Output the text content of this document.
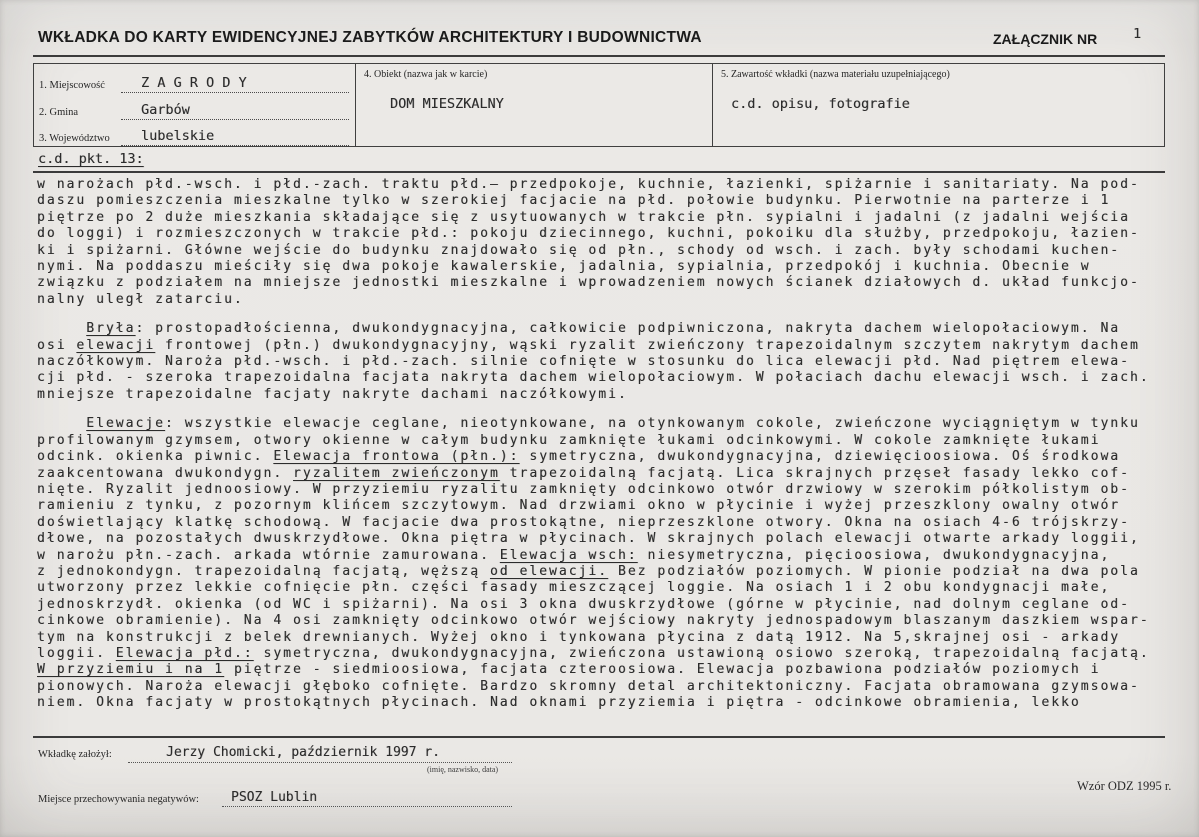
WKŁADKA DO KARTY EWIDENCYJNEJ ZABYTKÓW ARCHITEKTURY I BUDOWNICTWA	ZAŁĄCZNIK NR	1
1. Miejscowość	Z A G R O D Y
2. Gmina	Garbów
3. Województwo	lubelskie
4. Obiekt (nazwa jak w karcie)
DOM MIESZKALNY
5. Zawartość wkładki (nazwa materiału uzupełniającego)
c.d. opisu, fotografie
c.d. pkt. 13:
w narożach płd.-wsch. i płd.-zach. traktu płd.— przedpokoje, kuchnie, łazienki, spiżarnie i sanitariaty. Na pod-
daszu pomieszczenia mieszkalne tylko w szerokiej facjacie na płd. połowie budynku. Pierwotnie na parterze i 1
piętrze po 2 duże mieszkania składające się z usytuowanych w trakcie płn. sypialni i jadalni (z jadalni wejścia
do loggi) i rozmieszczonych w trakcie płd.: pokoju dziecinnego, kuchni, pokoiku dla służby, przedpokoju, łazien-
ki i spiżarni. Główne wejście do budynku znajdowało się od płn., schody od wsch. i zach. były schodami kuchen-
nymi. Na poddaszu mieściły się dwa pokoje kawalerskie, jadalnia, sypialnia, przedpokój i kuchnia. Obecnie w
związku z podziałem na mniejsze jednostki mieszkalne i wprowadzeniem nowych ścianek działowych d. układ funkcjo-
nalny uległ zatarciu.
Bryła: prostopadłościenna, dwukondygnacyjna, całkowicie podpiwniczona, nakryta dachem wielopołaciowym. Na
osi elewacji frontowej (płn.) dwukondygnacyjny, wąski ryzalit zwieńczony trapezoidalnym szczytem nakrytym dachem
naczółkowym. Naroża płd.-wsch. i płd.-zach. silnie cofnięte w stosunku do lica elewacji płd. Nad piętrem elewa-
cji płd. - szeroka trapezoidalna facjata nakryta dachem wielopołaciowym. W połaciach dachu elewacji wsch. i zach.
mniejsze trapezoidalne facjaty nakryte dachami naczółkowymi.
Elewacje: wszystkie elewacje ceglane, nieotynkowane, na otynkowanym cokole, zwieńczone wyciągniętym w tynku
profilowanym gzymsem, otwory okienne w całym budynku zamknięte łukami odcinkowymi. W cokole zamknięte łukami
odcink. okienka piwnic. Elewacja frontowa (płn.): symetryczna, dwukondygnacyjna, dziewięcioosiowa. Oś środkowa
zaakcentowana dwukondygn. ryzalitem zwieńczonym trapezoidalną facjatą. Lica skrajnych przęseł fasady lekko cof-
nięte. Ryzalit jednoosiowy. W przyziemiu ryzalitu zamknięty odcinkowo otwór drzwiowy w szerokim półkolistym ob-
ramieniu z tynku, z pozornym klińcem szczytowym. Nad drzwiami okno w płycinie i wyżej przeszklony owalny otwór
doświetlający klatkę schodową. W facjacie dwa prostokątne, nieprzeszklone otwory. Okna na osiach 4-6 trójskrzy-
dłowe, na pozostałych dwuskrzydłowe. Okna piętra w płycinach. W skrajnych polach elewacji otwarte arkady loggii,
w narożu płn.-zach. arkada wtórnie zamurowana. Elewacja wsch: niesymetryczna, pięcioosiowa, dwukondygnacyjna,
z jednokondygn. trapezoidalną facjatą, węższą od elewacji. Bez podziałów poziomych. W pionie podział na dwa pola
utworzony przez lekkie cofnięcie płn. części fasady mieszczącej loggie. Na osiach 1 i 2 obu kondygnacji małe,
jednoskrzydł. okienka (od WC i spiżarni). Na osi 3 okna dwuskrzydłowe (górne w płycinie, nad dolnym ceglane od-
cinkowe obramienie). Na 4 osi zamknięty odcinkowo otwór wejściowy nakryty jednospadowym blaszanym daszkiem wspar-
tym na konstrukcji z belek drewnianych. Wyżej okno i tynkowana płycina z datą 1912. Na 5,skrajnej osi - arkady
loggii. Elewacja płd.: symetryczna, dwukondygnacyjna, zwieńczona ustawioną osiowo szeroką, trapezoidalną facjatą.
W przyziemiu i na 1 piętrze - siedmioosiowa, facjata czteroosiowa. Elewacja pozbawiona podziałów poziomych i
pionowych. Naroża elewacji głęboko cofnięte. Bardzo skromny detal architektoniczny. Facjata obramowana gzymsowa-
niem. Okna facjaty w prostokątnych płycinach. Nad oknami przyziemia i piętra - odcinkowe obramienia, lekko
Wkładkę założył:	Jerzy Chomicki, październik 1997 r.
(imię, nazwisko, data)
Miejsce przechowywania negatywów: PSOZ Lublin
Wzór ODZ 1995 r.
